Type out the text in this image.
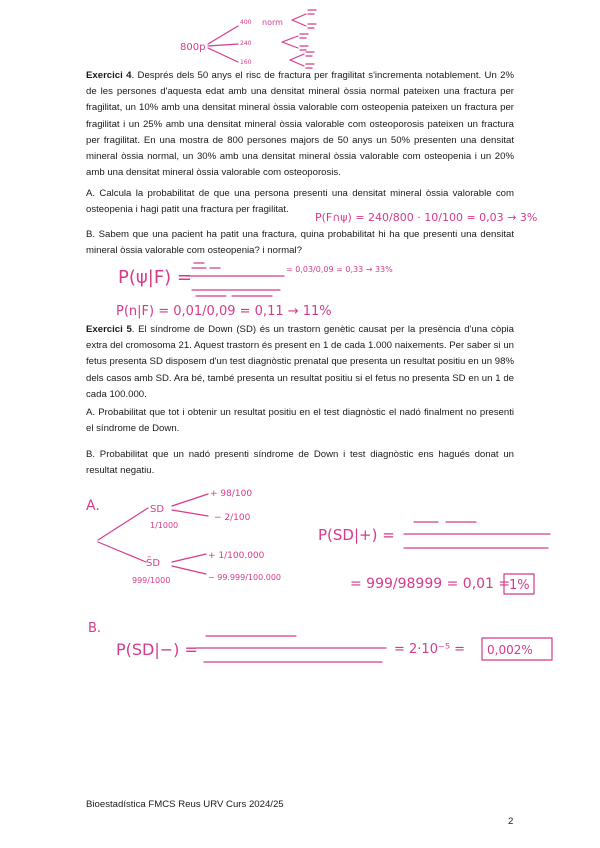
Exercici 4. Després dels 50 anys el risc de fractura per fragilitat s'incrementa notablement. Un 2% de les persones d'aquesta edat amb una densitat mineral òssia normal pateixen una fractura per fragilitat, un 10% amb una densitat mineral òssia valorable com osteopenia pateixen un fractura per fragilitat i un 25% amb una densitat mineral òssia valorable com osteoporosis pateixen un fractura per fragilitat. En una mostra de 800 persones majors de 50 anys un 50% presenten una densitat mineral òssia normal, un 30% amb una densitat mineral òssia valorable com osteopenia i un 20% amb una densitat mineral òssia valorable com osteoporosis.

A. Calcula la probabilitat de que una persona presenti una densitat mineral òssia valorable com osteopenia i hagi patit una fractura per fragilitat.

B. Sabem que una pacient ha patit una fractura, quina probabilitat hi ha que presenti una densitat mineral òssia valorable com osteopenia? i normal?

Exercici 5. El síndrome de Down (SD) és un trastorn genètic causat per la presència d'una còpia extra del cromosoma 21. Aquest trastorn és present en 1 de cada 1.000 naixements. Per saber si un fetus presenta SD disposem d'un test diagnòstic prenatal que presenta un resultat positiu en un 98% dels casos amb SD. Ara bé, també presenta un resultat positiu si el fetus no presenta SD en un 1 de cada 100.000.

A. Probabilitat que tot i obtenir un resultat positiu en el test diagnòstic el nadó finalment no presenti el síndrome de Down.

B. Probabilitat que un nadó presenti síndrome de Down i test diagnòstic ens hagués donat un resultat negatiu.

800p
400 norm
240
160
P(F∩ψ) = 240/800 · 10/100 = 0,03 → 3%
P(ψ|F) =	= 0,03/0,09 = 0,33 → 33%
P(n|F) = 0,01/0,09 = 0,11 → 11%
A.	SD
1/1000
S̄D
999/1000
+ 98/100
− 2/100
+ 1/100.000
− 99.999/100.000
P(SD|+) =
= 999/98999 = 0,01 =
1%
B.
P(SD|−) =	= 2·10⁻⁵ = 0,002%
Bioestadística FMCS Reus URV Curs 2024/25
2
